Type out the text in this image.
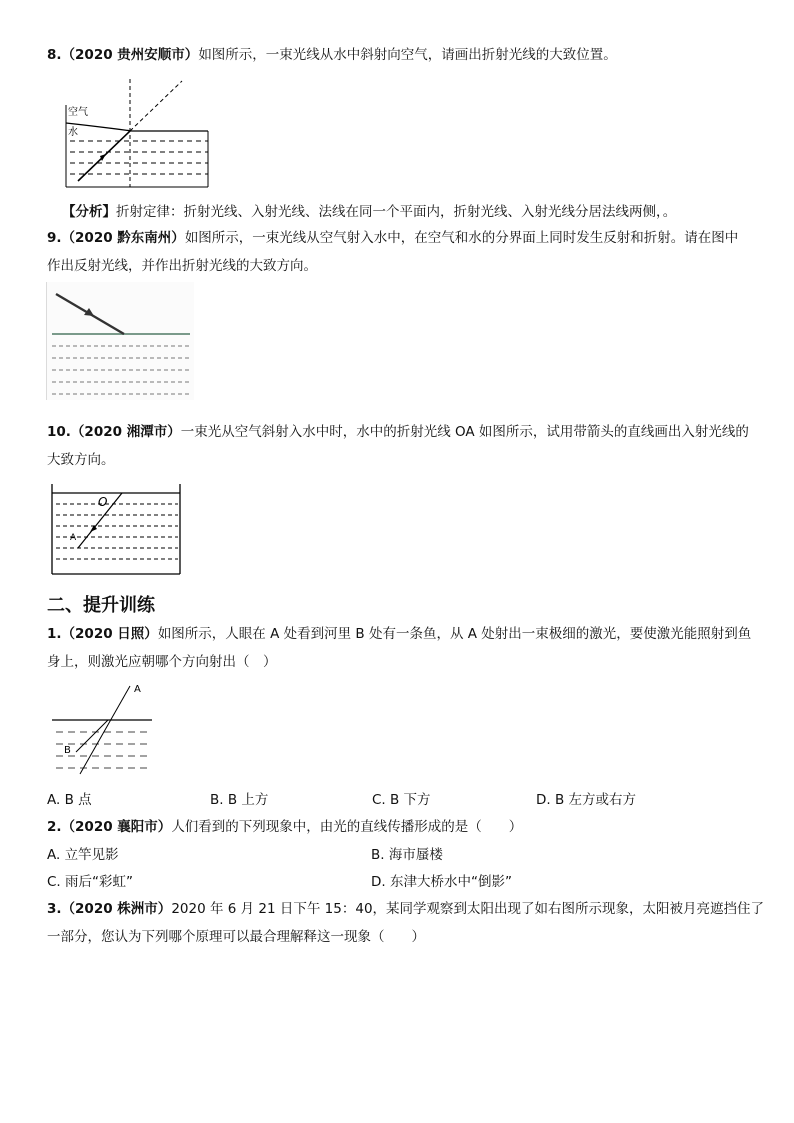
8.（2020 贵州安顺市）如图所示，一束光线从水中斜射向空气，请画出折射光线的大致位置。
空气
水
【分析】折射定律：折射光线、入射光线、法线在同一个平面内，折射光线、入射光线分居法线两侧，。
9.（2020 黔东南州）如图所示，一束光线从空气射入水中，在空气和水的分界面上同时发生反射和折射。请在图中
作出反射光线，并作出折射光线的大致方向。
10.（2020 湘潭市）一束光从空气斜射入水中时，水中的折射光线 OA 如图所示，试用带箭头的直线画出入射光线的
大致方向。
O
A
二、提升训练
1.（2020 日照）如图所示，人眼在 A 处看到河里 B 处有一条鱼，从 A 处射出一束极细的激光，要使激光能照射到鱼
身上，则激光应朝哪个方向射出（　）
A
B
A. B 点	B. B 上方	C. B 下方	D. B 左方或右方
2.（2020 襄阳市）人们看到的下列现象中，由光的直线传播形成的是（　　）
A. 立竿见影	B. 海市蜃楼
C. 雨后“彩虹”	D. 东津大桥水中“倒影”
3.（2020 株洲市）2020 年 6 月 21 日下午 15：40，某同学观察到太阳出现了如右图所示现象，太阳被月亮遮挡住了
一部分，您认为下列哪个原理可以最合理解释这一现象（　　）
